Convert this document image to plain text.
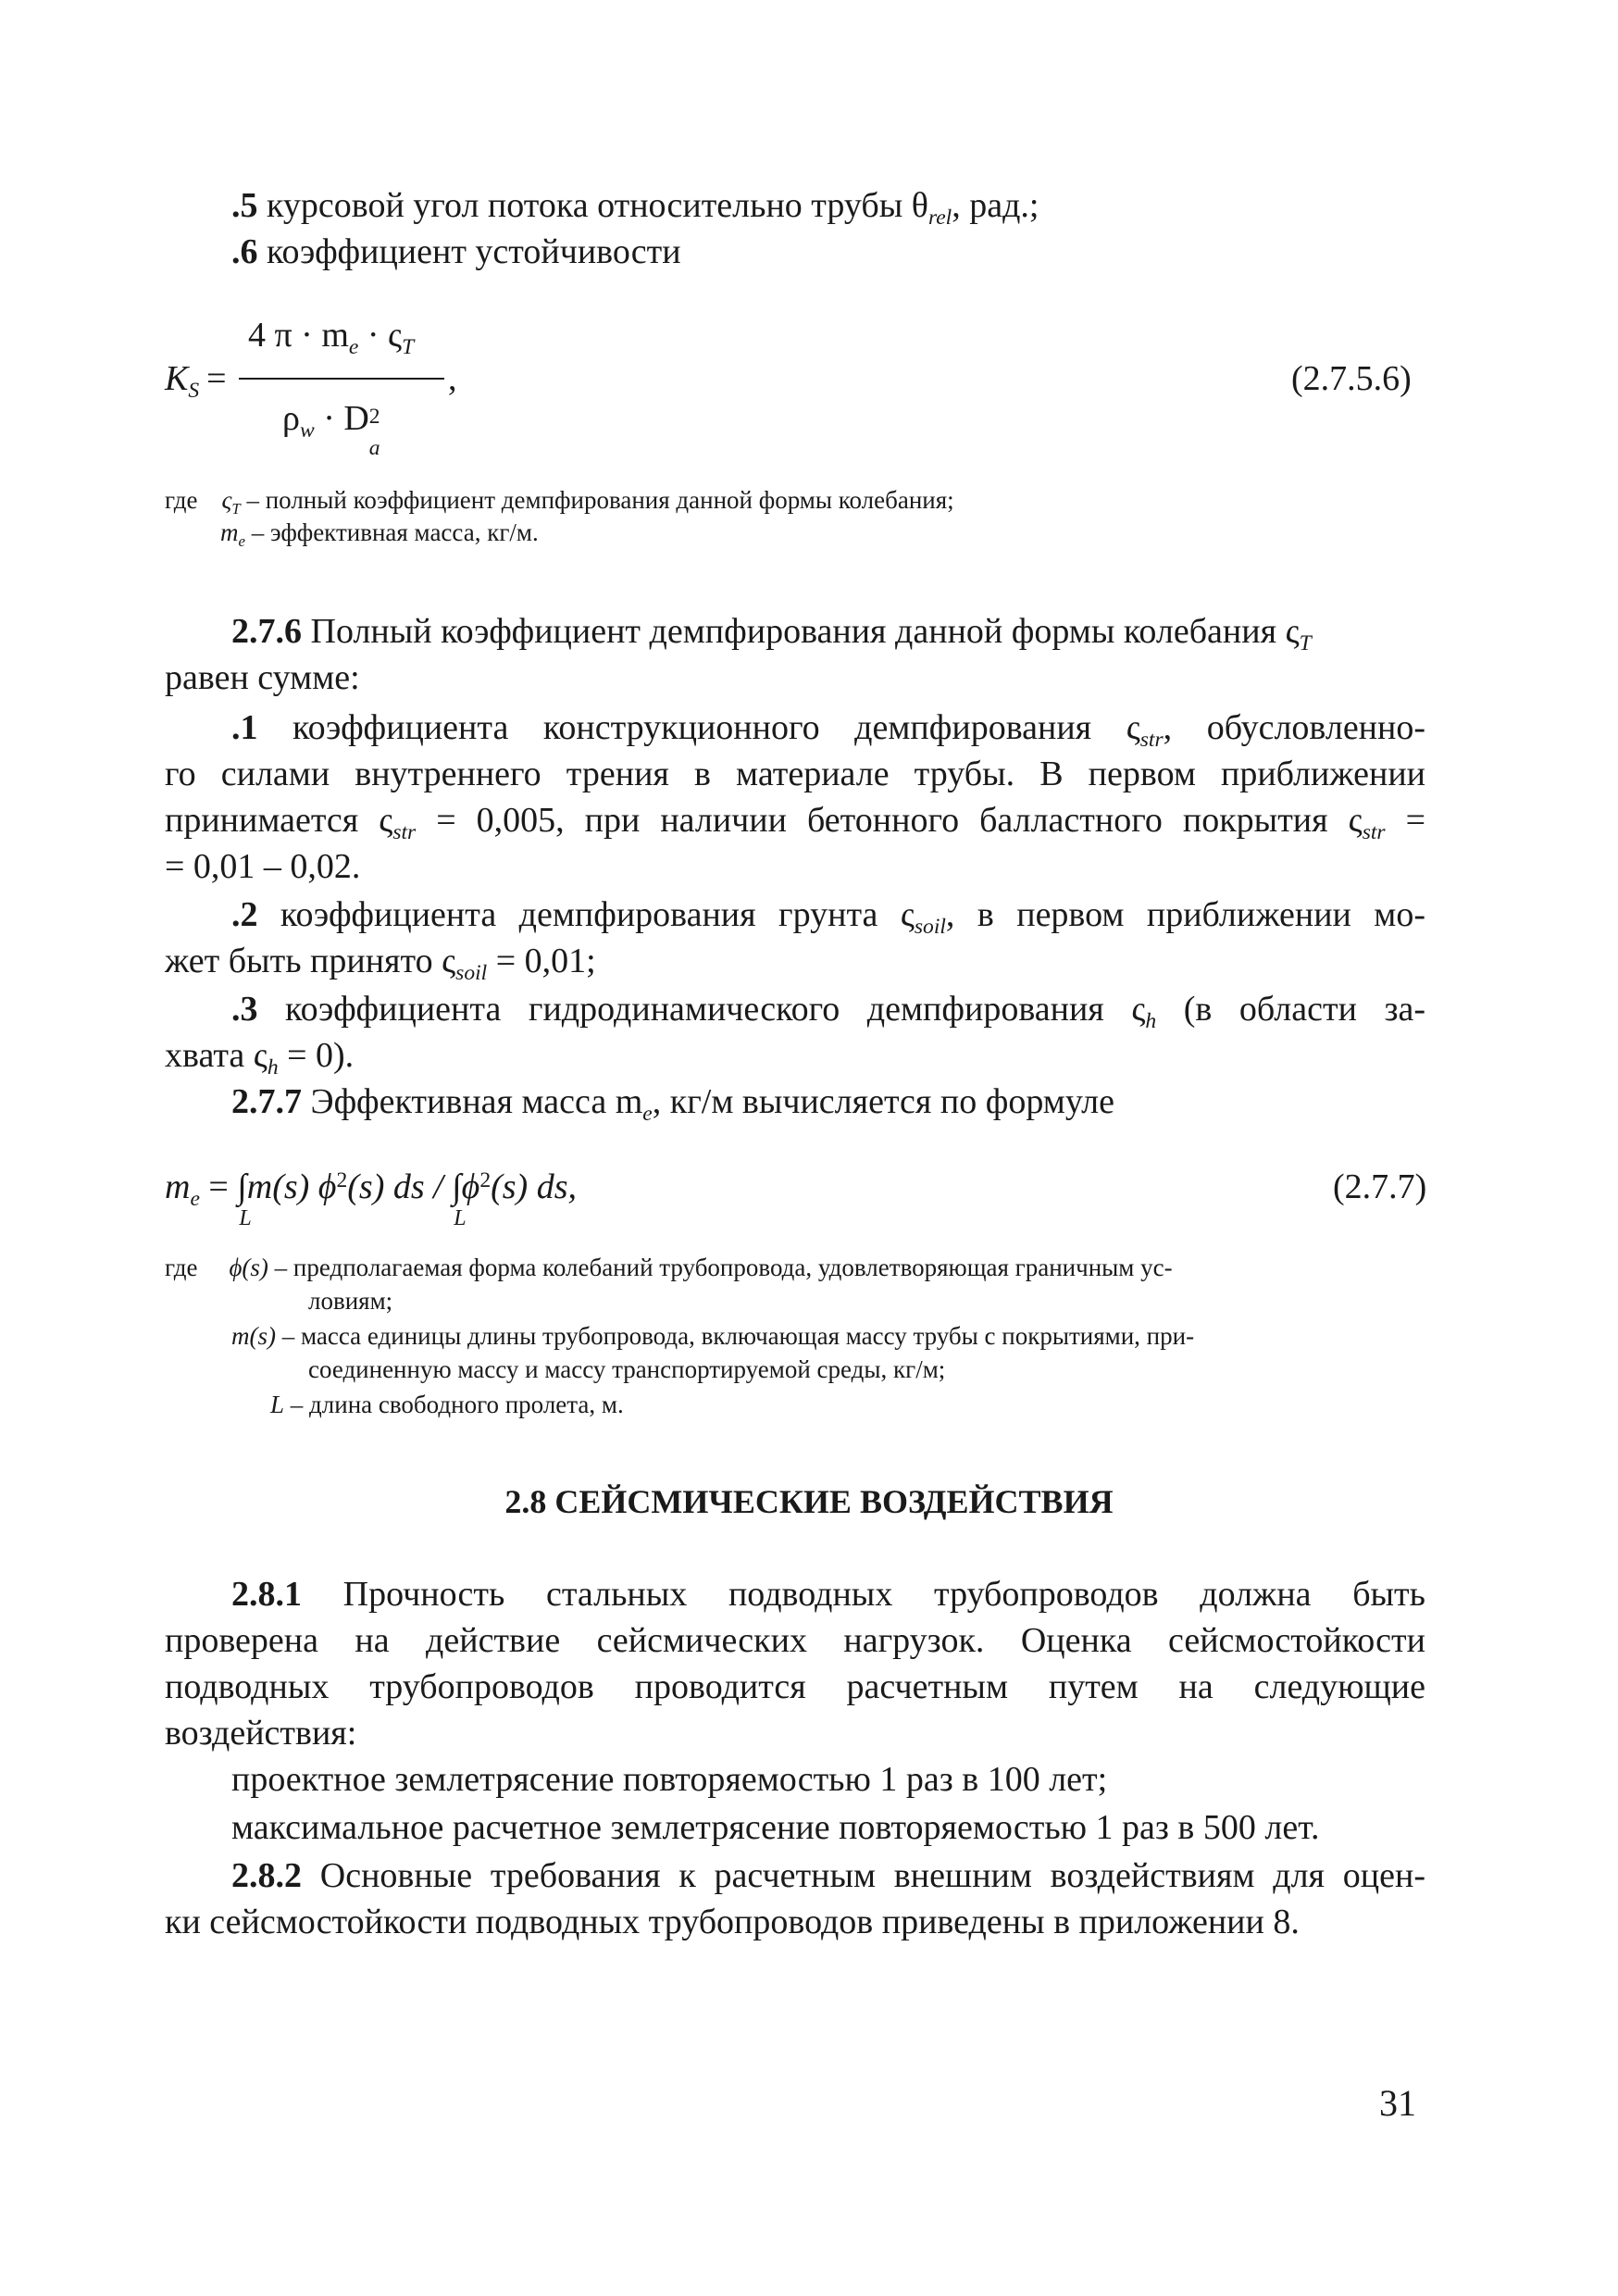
.5 курсовой угол потока относительно трубы $\theta_{rel}$, рад.;
.6 коэффициент устойчивости
$K_S$ =
4 $\pi \cdot m_e \cdot \varsigma_T$
$\rho_w \cdot D$ 2
a
,	(2.7.5.6)
где $\varsigma_T$ – полный коэффициент демпфирования данной формы колебания;
$m_e$ – эффективная масса, кг/м.
2.7.6 Полный коэффициент демпфирования данной формы колебания $\varsigma_T$
равен сумме:
.1 коэффициента конструкционного демпфирования $\varsigma_{str}$, обусловленно-
го силами внутреннего трения в материале трубы. В первом приближении
принимается $\varsigma_{str} = 0,005$, при наличии бетонного балластного покрытия $\varsigma_{str}$ =
= 0,01 – 0,02.
.2 коэффициента демпфирования грунта $\varsigma_{soil}$, в первом приближении мо-
жет быть принято $\varsigma_{soil} = 0,01$;
.3 коэффициента гидродинамического демпфирования $\varsigma_h$ (в области за-
хвата $\varsigma_h = 0$).
2.7.7 Эффективная масса $m_e$, кг/м вычисляется по формуле
$m_e$ = ∫
L
m(s) $\phi^2(s)$ ds / ∫
L
$\phi^2(s)$ ds,	(2.7.7)
где ϕ(s) – предполагаемая форма колебаний трубопровода, удовлетворяющая граничным ус-
ловиям;
m(s) – масса единицы длины трубопровода, включающая массу трубы с покрытиями, при-
соединенную массу и массу транспортируемой среды, кг/м;
L – длина свободного пролета, м.
2.8 СЕЙСМИЧЕСКИЕ ВОЗДЕЙСТВИЯ
2.8.1 Прочность стальных подводных трубопроводов должна быть
проверена на действие сейсмических нагрузок. Оценка сейсмостойкости
подводных трубопроводов проводится расчетным путем на следующие
воздействия:
проектное землетрясение повторяемостью 1 раз в 100 лет;
максимальное расчетное землетрясение повторяемостью 1 раз в 500 лет.
2.8.2 Основные требования к расчетным внешним воздействиям для оцен-
ки сейсмостойкости подводных трубопроводов приведены в приложении 8.
31
